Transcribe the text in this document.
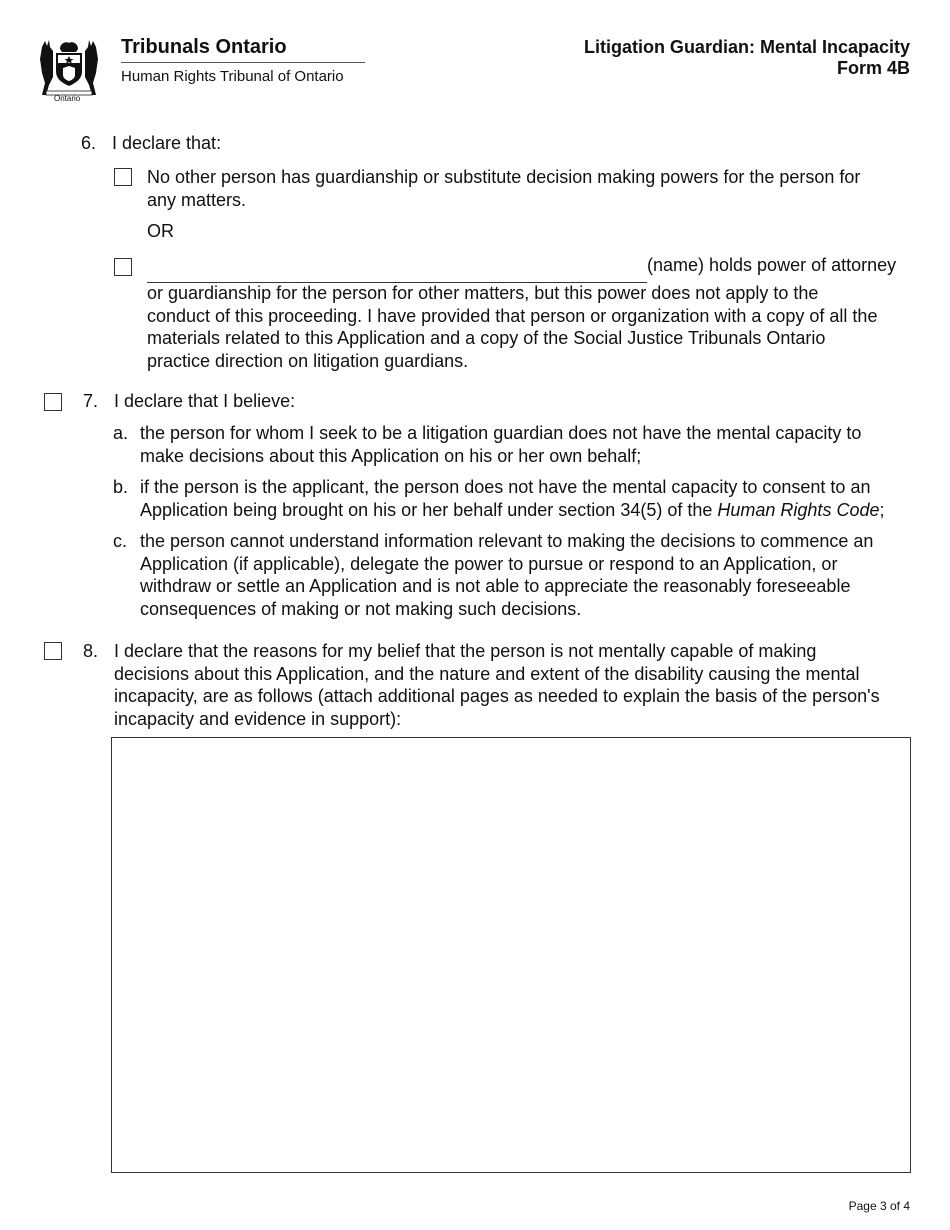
Ontario
Tribunals Ontario
Human Rights Tribunal of Ontario
Litigation Guardian: Mental Incapacity
Form 4B
6. I declare that:
No other person has guardianship or substitute decision making powers for the person for
any matters.
OR
(name) holds power of attorney
or guardianship for the person for other matters, but this power does not apply to the
conduct of this proceeding. I have provided that person or organization with a copy of all the
materials related to this Application and a copy of the Social Justice Tribunals Ontario
practice direction on litigation guardians.
7. I declare that I believe:
a. the person for whom I seek to be a litigation guardian does not have the mental capacity to
make decisions about this Application on his or her own behalf;
b. if the person is the applicant, the person does not have the mental capacity to consent to an
Application being brought on his or her behalf under section 34(5) of the Human Rights Code;
c. the person cannot understand information relevant to making the decisions to commence an
Application (if applicable), delegate the power to pursue or respond to an Application, or
withdraw or settle an Application and is not able to appreciate the reasonably foreseeable
consequences of making or not making such decisions.
8. I declare that the reasons for my belief that the person is not mentally capable of making
decisions about this Application, and the nature and extent of the disability causing the mental
incapacity, are as follows (attach additional pages as needed to explain the basis of the person's
incapacity and evidence in support):
Page 3 of 4
